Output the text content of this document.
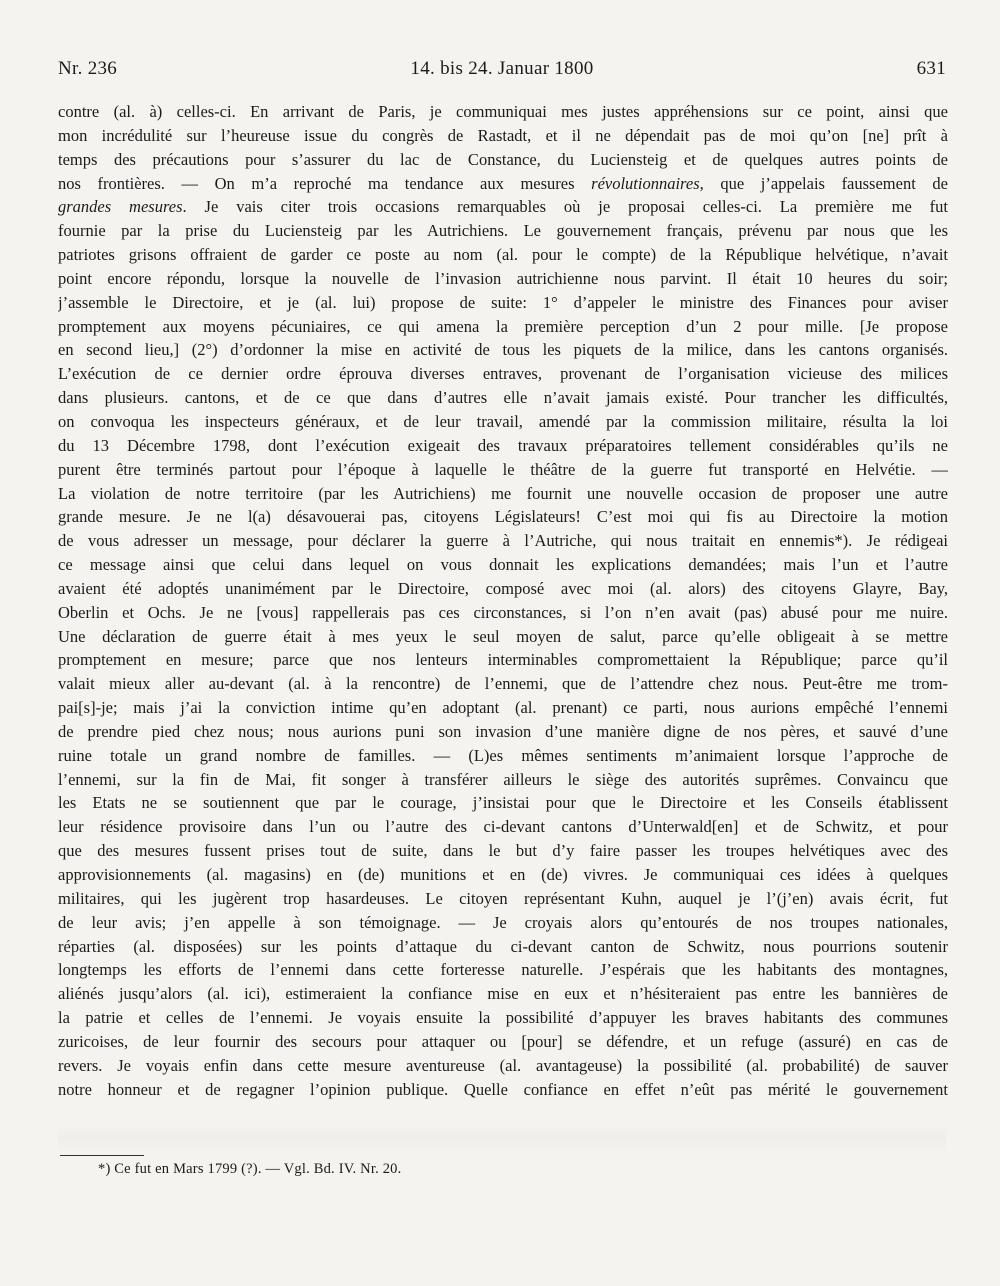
Nr. 236	14. bis 24. Januar 1800	631
contre (al. à) celles-ci. En arrivant de Paris, je communiquai mes justes appréhensions sur ce point, ainsi que
mon incrédulité sur l’heureuse issue du congrès de Rastadt, et il ne dépendait pas de moi qu’on [ne] prît à
temps des précautions pour s’assurer du lac de Constance, du Luciensteig et de quelques autres points de
nos frontières. — On m’a reproché ma tendance aux mesures révolutionnaires, que j’appelais faussement de
grandes mesures. Je vais citer trois occasions remarquables où je proposai celles-ci. La première me fut
fournie par la prise du Luciensteig par les Autrichiens. Le gouvernement français, prévenu par nous que les
patriotes grisons offraient de garder ce poste au nom (al. pour le compte) de la République helvétique, n’avait
point encore répondu, lorsque la nouvelle de l’invasion autrichienne nous parvint. Il était 10 heures du soir;
j’assemble le Directoire, et je (al. lui) propose de suite: 1° d’appeler le ministre des Finances pour aviser
promptement aux moyens pécuniaires, ce qui amena la première perception d’un 2 pour mille. [Je propose
en second lieu,] (2°) d’ordonner la mise en activité de tous les piquets de la milice, dans les cantons organisés.
L’exécution de ce dernier ordre éprouva diverses entraves, provenant de l’organisation vicieuse des milices
dans plusieurs. cantons, et de ce que dans d’autres elle n’avait jamais existé. Pour trancher les difficultés,
on convoqua les inspecteurs généraux, et de leur travail, amendé par la commission militaire, résulta la loi
du 13 Décembre 1798, dont l’exécution exigeait des travaux préparatoires tellement considérables qu’ils ne
purent être terminés partout pour l’époque à laquelle le théâtre de la guerre fut transporté en Helvétie. —
La violation de notre territoire (par les Autrichiens) me fournit une nouvelle occasion de proposer une autre
grande mesure. Je ne l(a) désavouerai pas, citoyens Législateurs! C’est moi qui fis au Directoire la motion
de vous adresser un message, pour déclarer la guerre à l’Autriche, qui nous traitait en ennemis*). Je rédigeai
ce message ainsi que celui dans lequel on vous donnait les explications demandées; mais l’un et l’autre
avaient été adoptés unanimément par le Directoire, composé avec moi (al. alors) des citoyens Glayre, Bay,
Oberlin et Ochs. Je ne [vous] rappellerais pas ces circonstances, si l’on n’en avait (pas) abusé pour me nuire.
Une déclaration de guerre était à mes yeux le seul moyen de salut, parce qu’elle obligeait à se mettre
promptement en mesure; parce que nos lenteurs interminables compromettaient la République; parce qu’il
valait mieux aller au-devant (al. à la rencontre) de l’ennemi, que de l’attendre chez nous. Peut-être me trom-
pai[s]-je; mais j’ai la conviction intime qu’en adoptant (al. prenant) ce parti, nous aurions empêché l’ennemi
de prendre pied chez nous; nous aurions puni son invasion d’une manière digne de nos pères, et sauvé d’une
ruine totale un grand nombre de familles. — (L)es mêmes sentiments m’animaient lorsque l’approche de
l’ennemi, sur la fin de Mai, fit songer à transférer ailleurs le siège des autorités suprêmes. Convaincu que
les Etats ne se soutiennent que par le courage, j’insistai pour que le Directoire et les Conseils établissent
leur résidence provisoire dans l’un ou l’autre des ci-devant cantons d’Unterwald[en] et de Schwitz, et pour
que des mesures fussent prises tout de suite, dans le but d’y faire passer les troupes helvétiques avec des
approvisionnements (al. magasins) en (de) munitions et en (de) vivres. Je communiquai ces idées à quelques
militaires, qui les jugèrent trop hasardeuses. Le citoyen représentant Kuhn, auquel je l’(j’en) avais écrit, fut
de leur avis; j’en appelle à son témoignage. — Je croyais alors qu’entourés de nos troupes nationales,
réparties (al. disposées) sur les points d’attaque du ci-devant canton de Schwitz, nous pourrions soutenir
longtemps les efforts de l’ennemi dans cette forteresse naturelle. J’espérais que les habitants des montagnes,
aliénés jusqu’alors (al. ici), estimeraient la confiance mise en eux et n’hésiteraient pas entre les bannières de
la patrie et celles de l’ennemi. Je voyais ensuite la possibilité d’appuyer les braves habitants des communes
zuricoises, de leur fournir des secours pour attaquer ou [pour] se défendre, et un refuge (assuré) en cas de
revers. Je voyais enfin dans cette mesure aventureuse (al. avantageuse) la possibilité (al. probabilité) de sauver
notre honneur et de regagner l’opinion publique. Quelle confiance en effet n’eût pas mérité le gouvernement
*) Ce fut en Mars 1799 (?). — Vgl. Bd. IV. Nr. 20.
